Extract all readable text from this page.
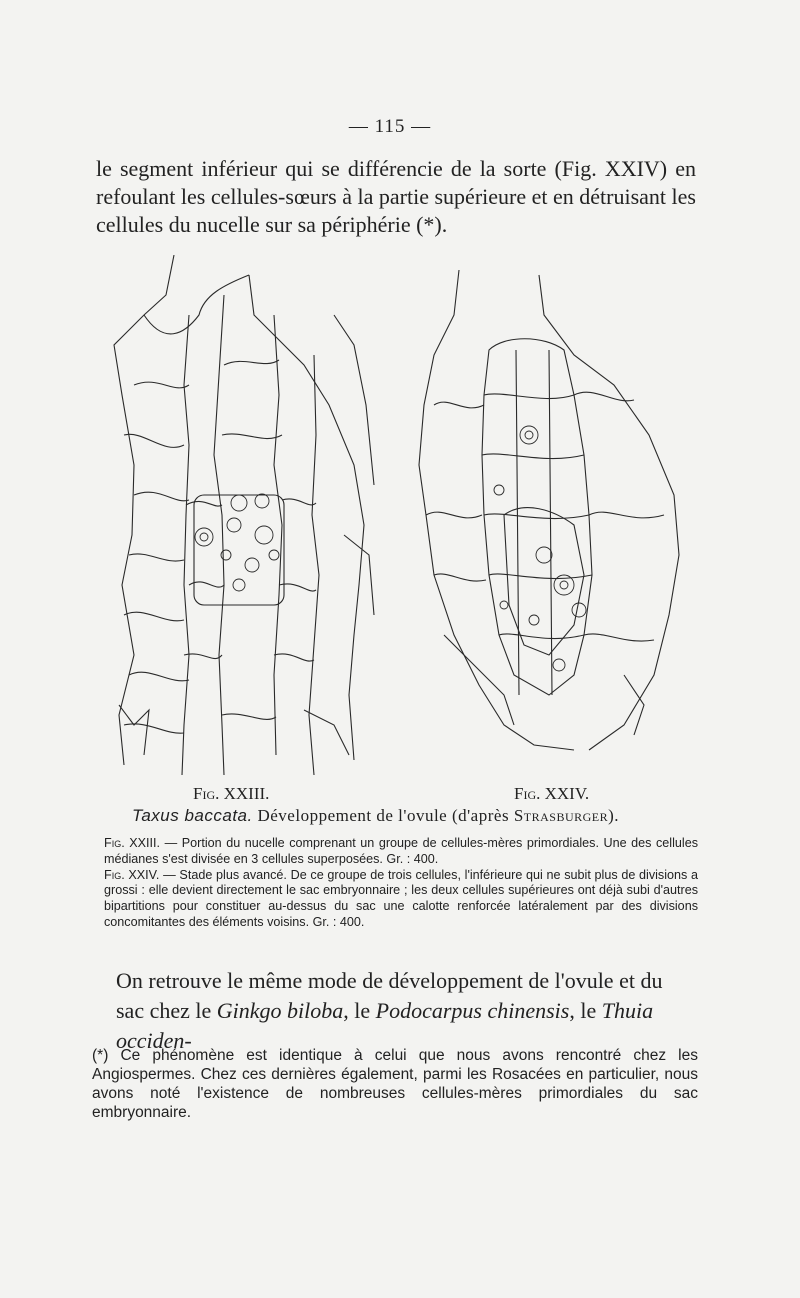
— 115 —
le segment inférieur qui se différencie de la sorte (Fig. XXIV) en refoulant les cellules-sœurs à la partie supérieure et en détruisant les cellules du nucelle sur sa périphérie (*).
Fig. XXIII.	Fig. XXIV.
Taxus baccata. Développement de l'ovule (d'après Strasburger).

Fig. XXIII. — Portion du nucelle comprenant un groupe de cellules-mères primordiales. Une des cellules médianes s'est divisée en 3 cellules superposées. Gr. : 400.

Fig. XXIV. — Stade plus avancé. De ce groupe de trois cellules, l'inférieure qui ne subit plus de divisions a grossi : elle devient directement le sac embryonnaire ; les deux cellules supérieures ont déjà subi d'autres bipartitions pour constituer au-dessus du sac une calotte renforcée latéralement par des divisions concomitantes des éléments voisins. Gr. : 400.

On retrouve le même mode de développement de l'ovule et du sac chez le Ginkgo biloba, le Podocarpus chinensis, le Thuia occiden-
(*) Ce phénomène est identique à celui que nous avons rencontré chez les Angiospermes. Chez ces dernières également, parmi les Rosacées en particulier, nous avons noté l'existence de nombreuses cellules-mères primordiales du sac embryonnaire.
